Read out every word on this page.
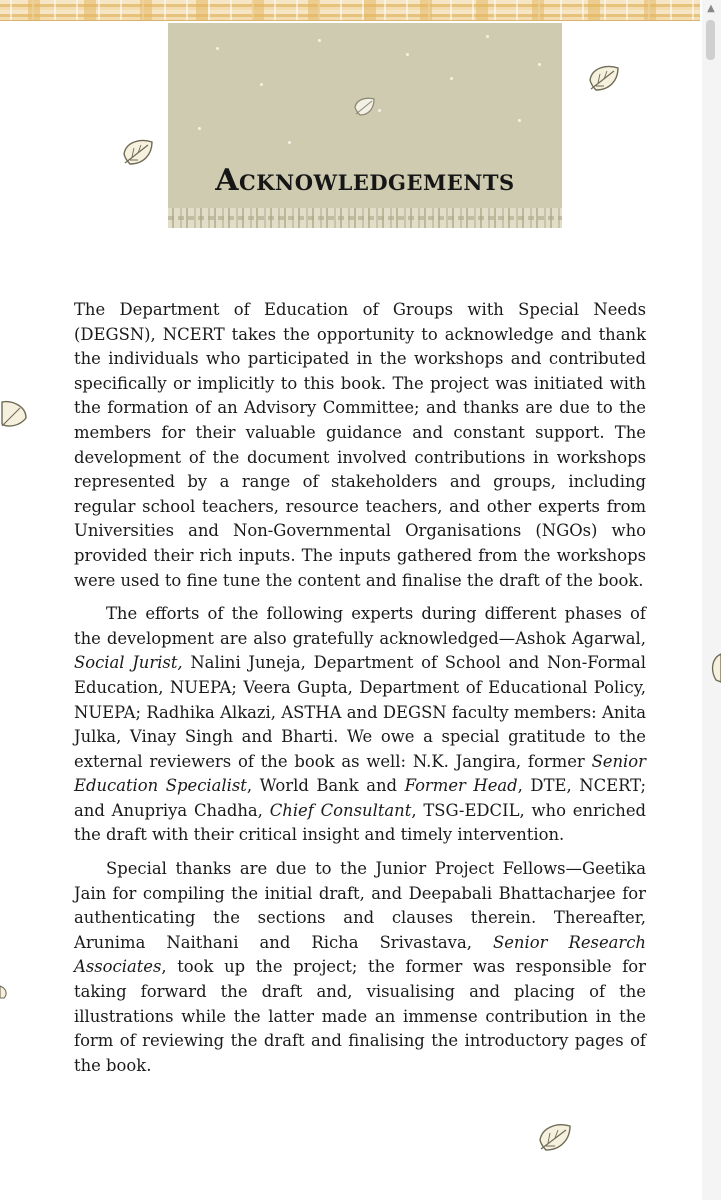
▲
Acknowledgements

The Department of Education of Groups with Special Needs (DEGSN), NCERT takes the opportunity to acknowledge and thank the individuals who participated in the workshops and contributed specifically or implicitly to this book. The project was initiated with the formation of an Advisory Committee; and thanks are due to the members for their valuable guidance and constant support. The development of the document involved contributions in workshops represented by a range of stakeholders and groups, including regular school teachers, resource teachers, and other experts from Universities and Non-Governmental Organisations (NGOs) who provided their rich inputs. The inputs gathered from the workshops were used to fine tune the content and finalise the draft of the book.

The efforts of the following experts during different phases of the development are also gratefully acknowledged—Ashok Agarwal, Social Jurist, Nalini Juneja, Department of School and Non-Formal Education, NUEPA; Veera Gupta, Department of Educational Policy, NUEPA; Radhika Alkazi, ASTHA and DEGSN faculty members: Anita Julka, Vinay Singh and Bharti. We owe a special gratitude to the external reviewers of the book as well: N.K. Jangira, former Senior Education Specialist, World Bank and Former Head, DTE, NCERT; and Anupriya Chadha, Chief Consultant, TSG-EDCIL, who enriched the draft with their critical insight and timely intervention.

Special thanks are due to the Junior Project Fellows—Geetika Jain for compiling the initial draft, and Deepabali Bhattacharjee for authenticating the sections and clauses therein. Thereafter, Arunima Naithani and Richa Srivastava, Senior Research Associates, took up the project; the former was responsible for taking forward the draft and, visualising and placing of the illustrations while the latter made an immense contribution in the form of reviewing the draft and finalising the introductory pages of the book.
